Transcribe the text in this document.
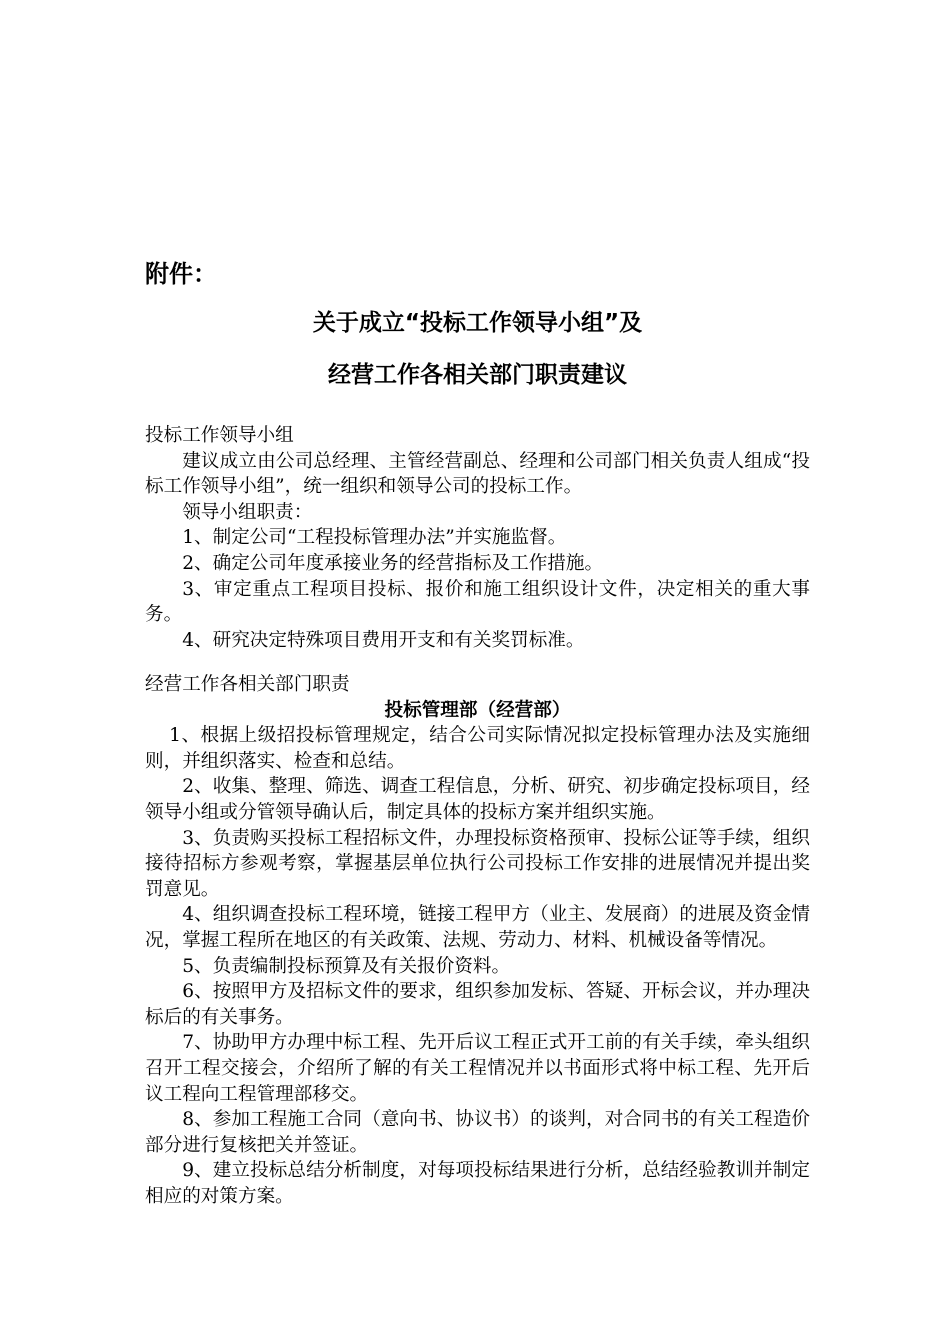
附件：
关于成立“投标工作领导小组”及
经营工作各相关部门职责建议

投标工作领导小组

建议成立由公司总经理、主管经营副总、经理和公司部门相关负责人组成“投标工作领导小组”，统一组织和领导公司的投标工作。

领导小组职责：

1、制定公司“工程投标管理办法”并实施监督。

2、确定公司年度承接业务的经营指标及工作措施。

3、审定重点工程项目投标、报价和施工组织设计文件，决定相关的重大事务。

4、研究决定特殊项目费用开支和有关奖罚标准。

经营工作各相关部门职责

投标管理部（经营部）

1、根据上级招投标管理规定，结合公司实际情况拟定投标管理办法及实施细则，并组织落实、检查和总结。

2、收集、整理、筛选、调查工程信息，分析、研究、初步确定投标项目，经领导小组或分管领导确认后，制定具体的投标方案并组织实施。

3、负责购买投标工程招标文件，办理投标资格预审、投标公证等手续，组织接待招标方参观考察，掌握基层单位执行公司投标工作安排的进展情况并提出奖罚意见。

4、组织调查投标工程环境，链接工程甲方（业主、发展商）的进展及资金情况，掌握工程所在地区的有关政策、法规、劳动力、材料、机械设备等情况。

5、负责编制投标预算及有关报价资料。

6、按照甲方及招标文件的要求，组织参加发标、答疑、开标会议，并办理决标后的有关事务。

7、协助甲方办理中标工程、先开后议工程正式开工前的有关手续，牵头组织召开工程交接会，介绍所了解的有关工程情况并以书面形式将中标工程、先开后议工程向工程管理部移交。

8、参加工程施工合同（意向书、协议书）的谈判，对合同书的有关工程造价部分进行复核把关并签证。

9、建立投标总结分析制度，对每项投标结果进行分析，总结经验教训并制定相应的对策方案。
